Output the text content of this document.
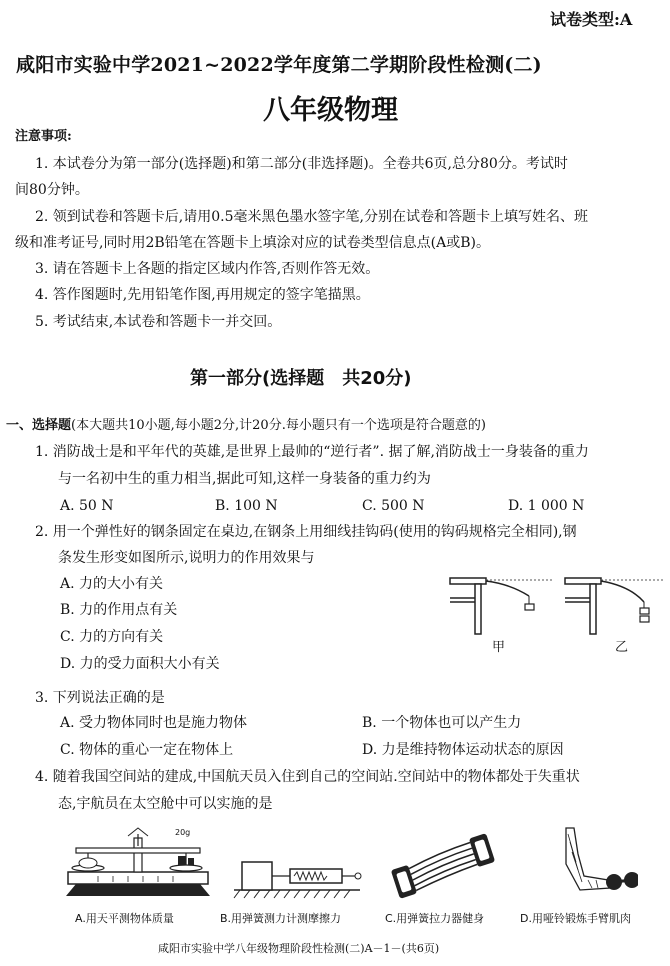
试卷类型:A
咸阳市实验中学2021~2022学年度第二学期阶段性检测(二)
八年级物理
注意事项:
1. 本试卷分为第一部分(选择题)和第二部分(非选择题)。全卷共6页,总分80分。考试时
间80分钟。
2. 领到试卷和答题卡后,请用0.5毫米黑色墨水签字笔,分别在试卷和答题卡上填写姓名、班
级和准考证号,同时用2B铅笔在答题卡上填涂对应的试卷类型信息点(A或B)。
3. 请在答题卡上各题的指定区域内作答,否则作答无效。
4. 答作图题时,先用铅笔作图,再用规定的签字笔描黑。
5. 考试结束,本试卷和答题卡一并交回。
第一部分(选择题　共20分)
一、选择题(本大题共10小题,每小题2分,计20分.每小题只有一个选项是符合题意的)
1. 消防战士是和平年代的英雄,是世界上最帅的“逆行者”. 据了解,消防战士一身装备的重力
与一名初中生的重力相当,据此可知,这样一身装备的重力约为
A. 50 N	B. 100 N	C. 500 N	D. 1 000 N
2. 用一个弹性好的钢条固定在桌边,在钢条上用细线挂钩码(使用的钩码规格完全相同),钢
条发生形变如图所示,说明力的作用效果与
A. 力的大小有关
B. 力的作用点有关
C. 力的方向有关
D. 力的受力面积大小有关
甲	乙
3. 下列说法正确的是
A. 受力物体同时也是施力物体	B. 一个物体也可以产生力
C. 物体的重心一定在物体上	D. 力是维持物体运动状态的原因
4. 随着我国空间站的建成,中国航天员入住到自己的空间站.空间站中的物体都处于失重状
态,宇航员在太空舱中可以实施的是
20g
A.用天平测物体质量	B.用弹簧测力计测摩擦力	C.用弹簧拉力器健身	D.用哑铃锻炼手臂肌肉
咸阳市实验中学八年级物理阶段性检测(二)A－1－(共6页)
